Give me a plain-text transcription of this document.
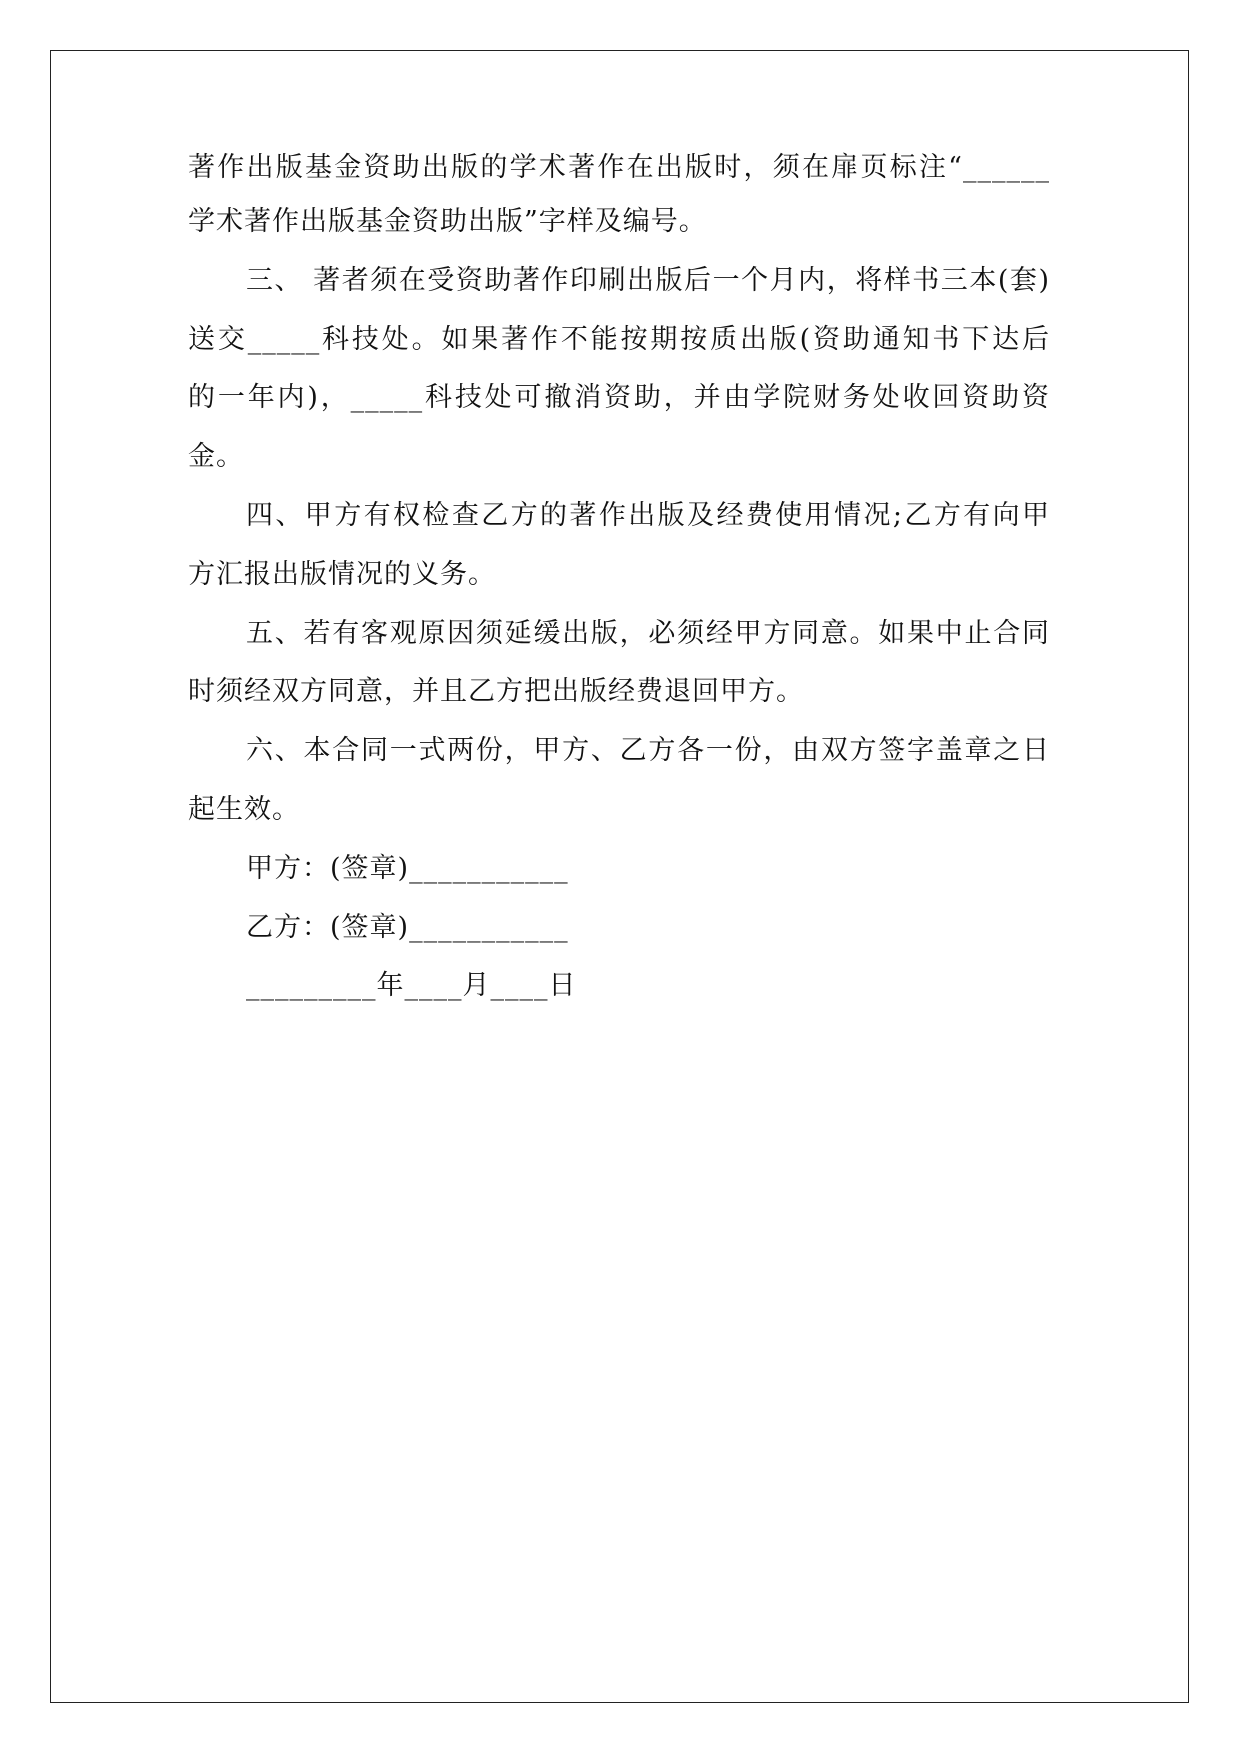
著作出版基金资助出版的学术著作在出版时，须在扉页标注“______
学术著作出版基金资助出版”字样及编号。
三、 著者须在受资助著作印刷出版后一个月内，将样书三本(套)
送交_____科技处。如果著作不能按期按质出版(资助通知书下达后
的一年内)，_____科技处可撤消资助，并由学院财务处收回资助资
金。
四、甲方有权检查乙方的著作出版及经费使用情况;乙方有向甲
方汇报出版情况的义务。
五、若有客观原因须延缓出版，必须经甲方同意。如果中止合同
时须经双方同意，并且乙方把出版经费退回甲方。
六、本合同一式两份，甲方、乙方各一份，由双方签字盖章之日
起生效。
甲方：(签章)___________
乙方：(签章)___________
_________年____月____日
